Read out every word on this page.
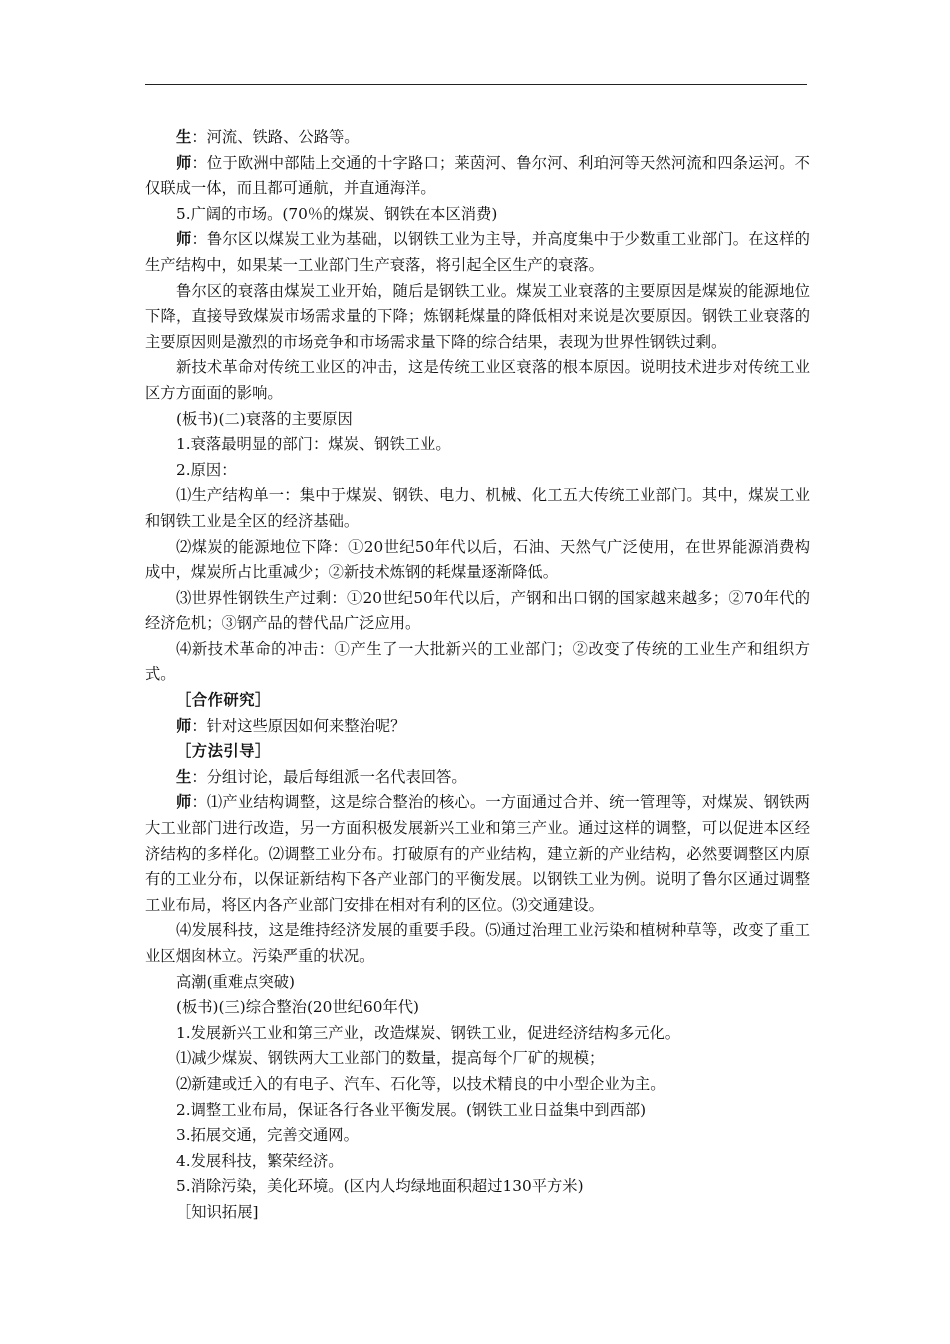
生：河流、铁路、公路等。

师：位于欧洲中部陆上交通的十字路口；莱茵河、鲁尔河、利珀河等天然河流和四条运河。不仅联成一体，而且都可通航，并直通海洋。

5.广阔的市场。(70％的煤炭、钢铁在本区消费)

师：鲁尔区以煤炭工业为基础，以钢铁工业为主导，并高度集中于少数重工业部门。在这样的生产结构中，如果某一工业部门生产衰落，将引起全区生产的衰落。

鲁尔区的衰落由煤炭工业开始，随后是钢铁工业。煤炭工业衰落的主要原因是煤炭的能源地位下降，直接导致煤炭市场需求量的下降；炼钢耗煤量的降低相对来说是次要原因。钢铁工业衰落的主要原因则是激烈的市场竞争和市场需求量下降的综合结果，表现为世界性钢铁过剩。

新技术革命对传统工业区的冲击，这是传统工业区衰落的根本原因。说明技术进步对传统工业区方方面面的影响。

(板书)(二)衰落的主要原因

1.衰落最明显的部门：煤炭、钢铁工业。

2.原因：

⑴生产结构单一：集中于煤炭、钢铁、电力、机械、化工五大传统工业部门。其中，煤炭工业和钢铁工业是全区的经济基础。

⑵煤炭的能源地位下降：①20世纪50年代以后，石油、天然气广泛使用，在世界能源消费构成中，煤炭所占比重减少；②新技术炼钢的耗煤量逐渐降低。

⑶世界性钢铁生产过剩：①20世纪50年代以后，产钢和出口钢的国家越来越多；②70年代的经济危机；③钢产品的替代品广泛应用。

⑷新技术革命的冲击：①产生了一大批新兴的工业部门；②改变了传统的工业生产和组织方式。

［合作研究］

师：针对这些原因如何来整治呢？

［方法引导］

生：分组讨论，最后每组派一名代表回答。

师：⑴产业结构调整，这是综合整治的核心。一方面通过合并、统一管理等，对煤炭、钢铁两大工业部门进行改造，另一方面积极发展新兴工业和第三产业。通过这样的调整，可以促进本区经济结构的多样化。⑵调整工业分布。打破原有的产业结构，建立新的产业结构，必然要调整区内原有的工业分布，以保证新结构下各产业部门的平衡发展。以钢铁工业为例。说明了鲁尔区通过调整工业布局，将区内各产业部门安排在相对有利的区位。⑶交通建设。

⑷发展科技，这是维持经济发展的重要手段。⑸通过治理工业污染和植树种草等，改变了重工业区烟囱林立。污染严重的状况。

高潮(重难点突破)

(板书)(三)综合整治(20世纪60年代)

1.发展新兴工业和第三产业，改造煤炭、钢铁工业，促进经济结构多元化。

⑴减少煤炭、钢铁两大工业部门的数量，提高每个厂矿的规模；

⑵新建或迁入的有电子、汽车、石化等，以技术精良的中小型企业为主。

2.调整工业布局，保证各行各业平衡发展。(钢铁工业日益集中到西部)

3.拓展交通，完善交通网。

4.发展科技，繁荣经济。

5.消除污染，美化环境。(区内人均绿地面积超过130平方米)

［知识拓展]
